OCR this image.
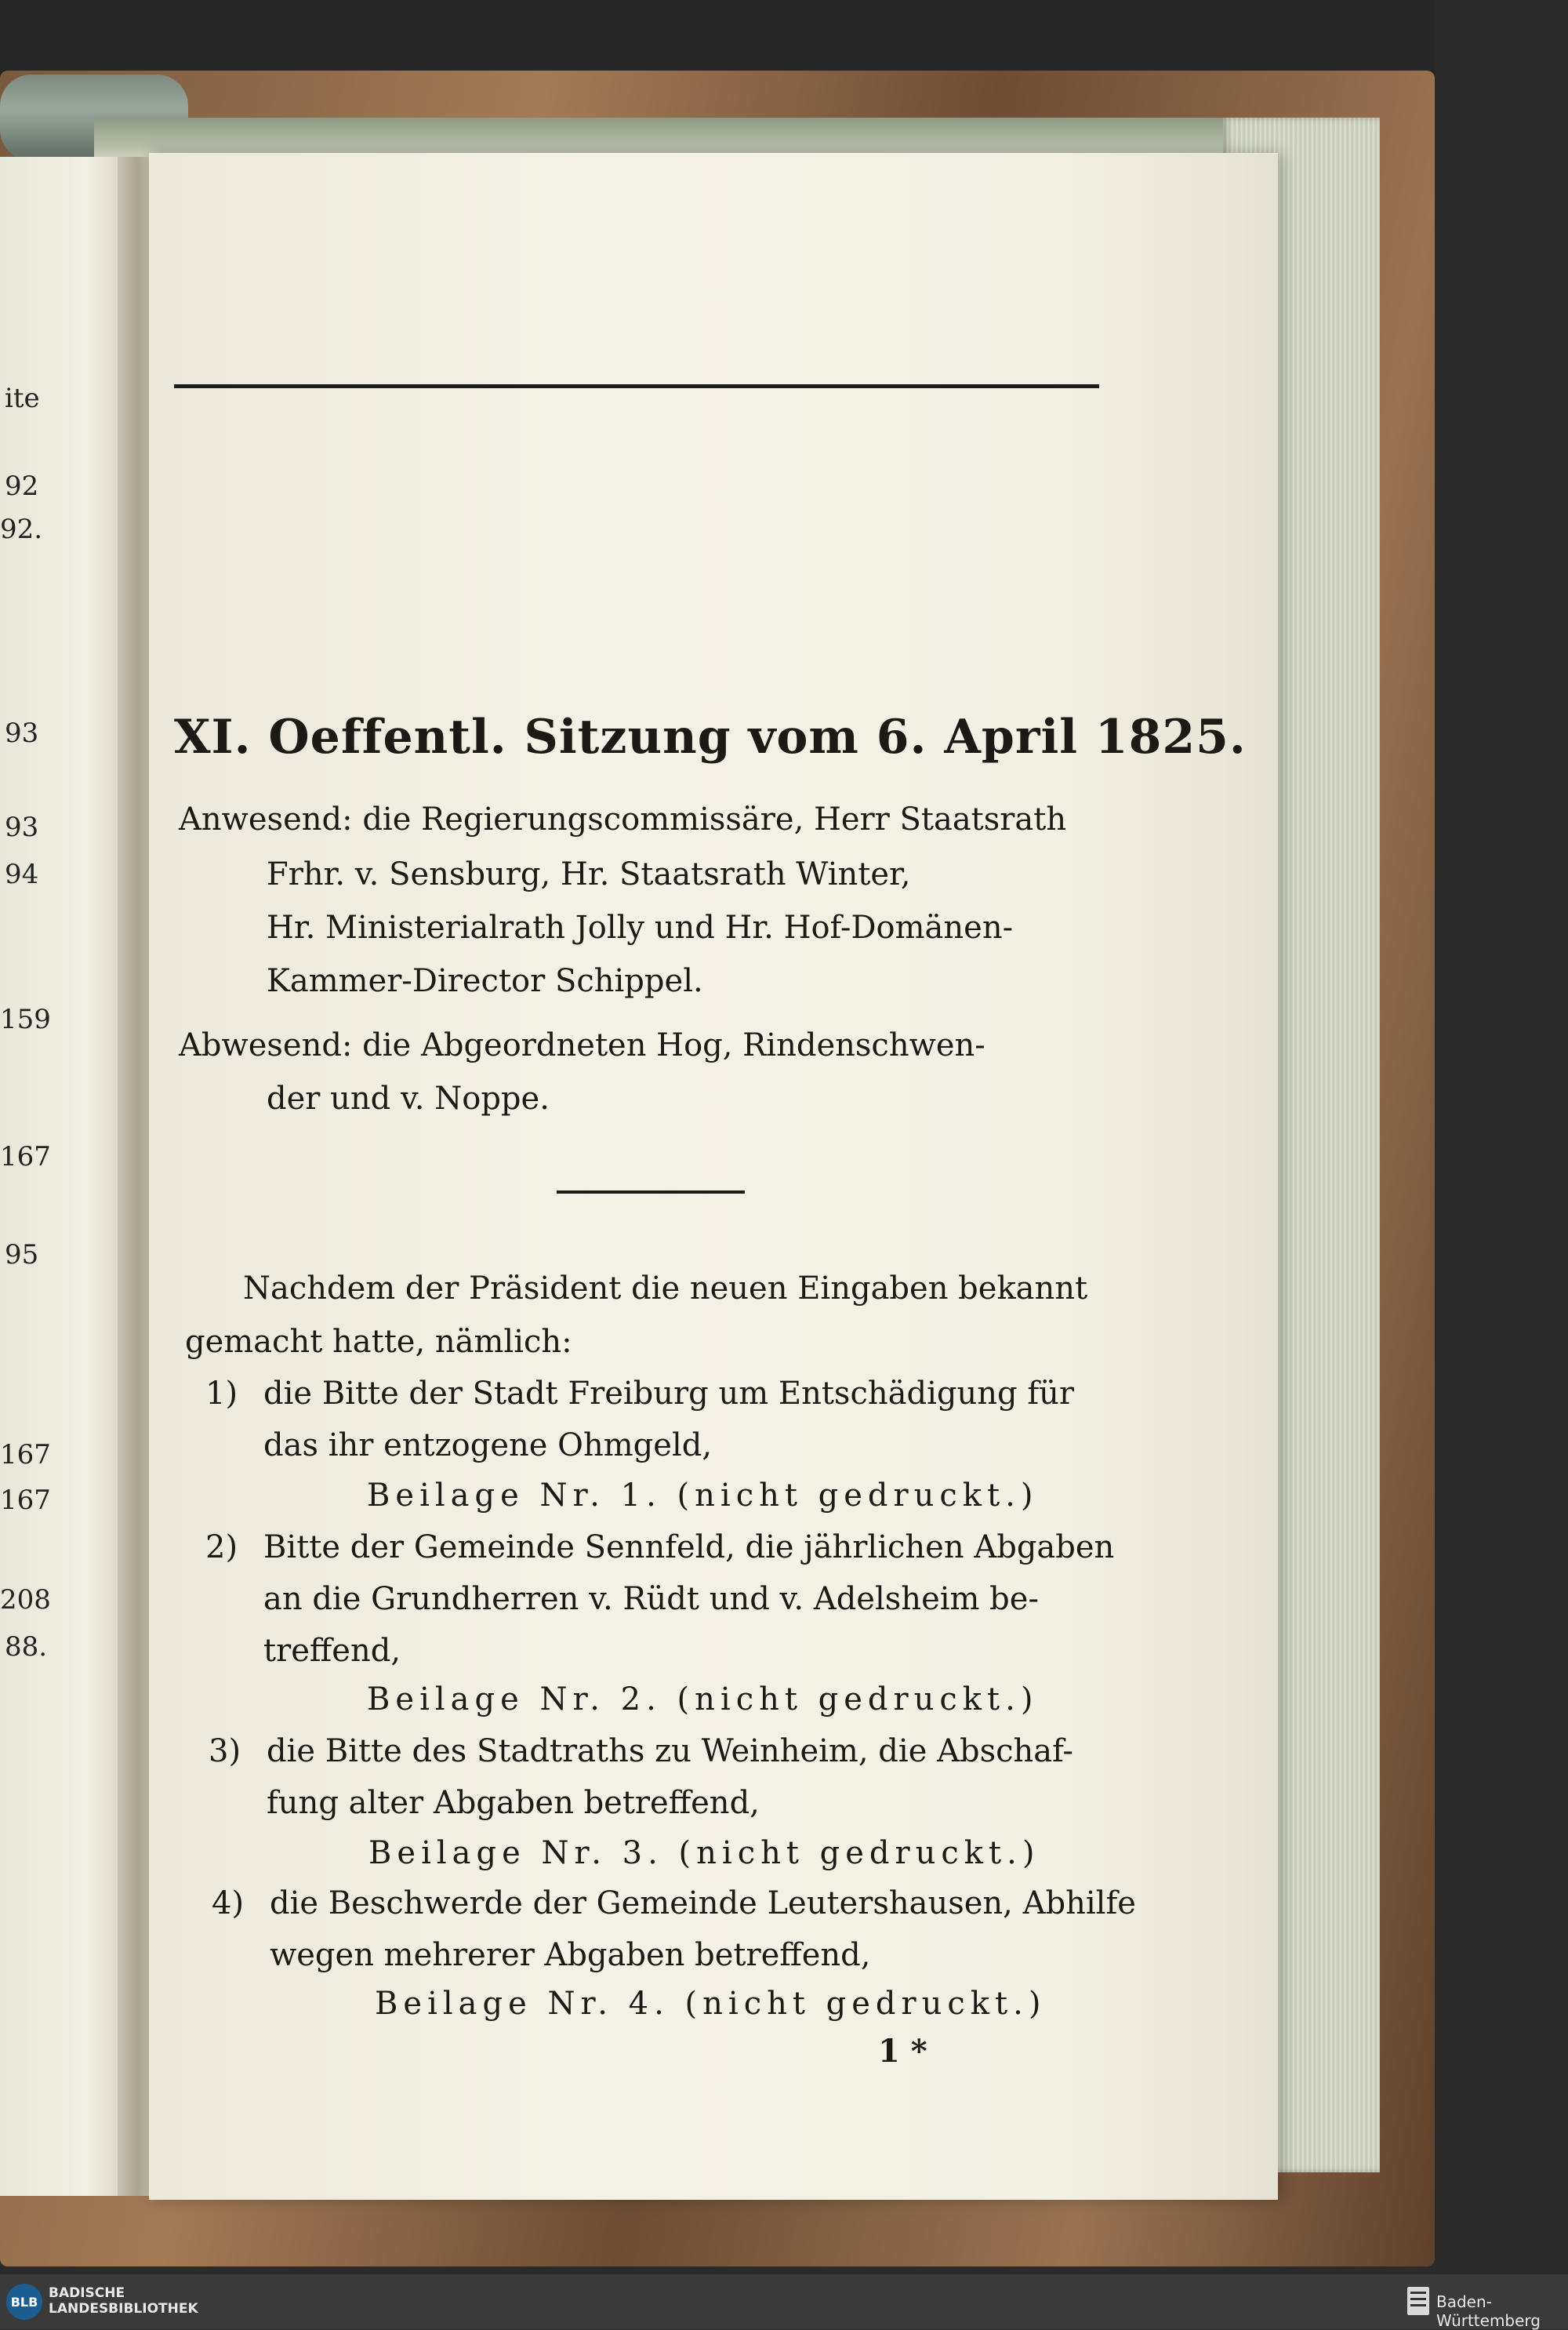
ite
92
92.
93
93
94
159
167
95
167
167
208
88.
XI. Oeffentl. Sitzung vom 6. April 1825.
Anwesend: die Regierungscommissäre, Herr Staatsrath
Frhr. v. Sensburg, Hr. Staatsrath Winter,
Hr. Ministerialrath Jolly und Hr. Hof-Domänen-
Kammer-Director Schippel.
Abwesend: die Abgeordneten Hog, Rindenschwen-
der und v. Noppe.
Nachdem der Präsident die neuen Eingaben bekannt
gemacht hatte, nämlich:
1) die Bitte der Stadt Freiburg um Entschädigung für
das ihr entzogene Ohmgeld,
Beilage Nr. 1. (nicht gedruckt.)
2) Bitte der Gemeinde Sennfeld, die jährlichen Abgaben
an die Grundherren v. Rüdt und v. Adelsheim be-
treffend,
Beilage Nr. 2. (nicht gedruckt.)
3) die Bitte des Stadtraths zu Weinheim, die Abschaf-
fung alter Abgaben betreffend,
Beilage Nr. 3. (nicht gedruckt.)
4) die Beschwerde der Gemeinde Leutershausen, Abhilfe
wegen mehrerer Abgaben betreffend,
Beilage Nr. 4. (nicht gedruckt.)
1 *
BLB
BADISCHE
LANDESBIBLIOTHEK	Baden-Württemberg
